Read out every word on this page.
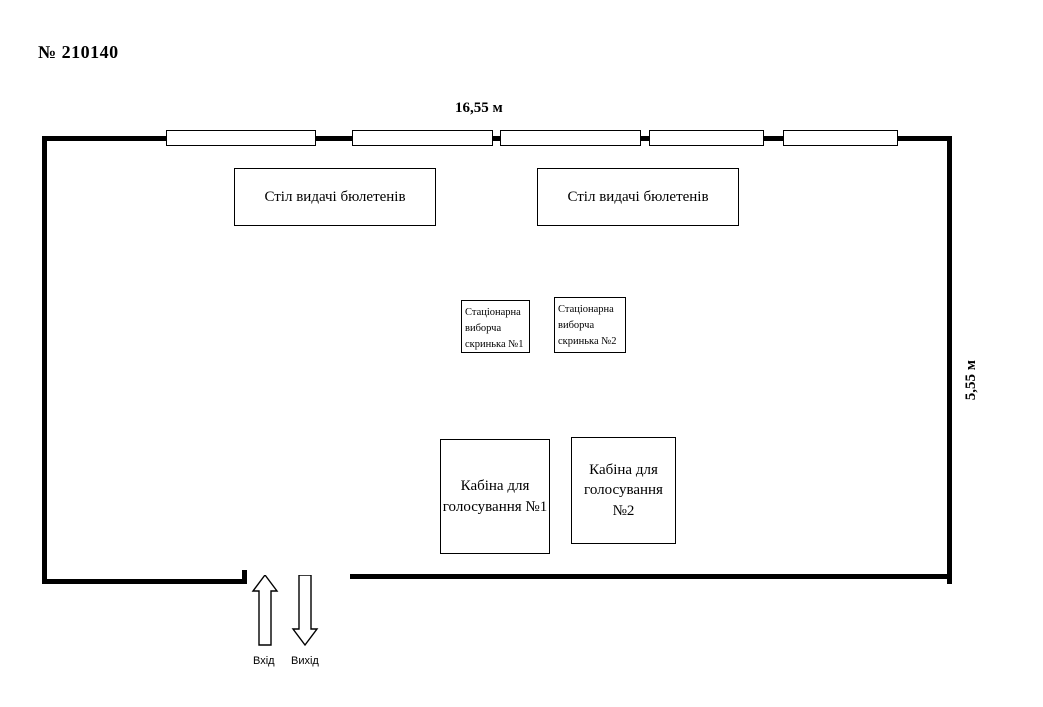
№ 210140
16,55 м
5,55 м
Стіл видачі бюлетенів	Стіл видачі бюлетенів
Стаціонарна виборча скринька №1
Стаціонарна виборча скринька №2
Кабіна для голосування №1
Кабіна для голосування №2
Вхід Вихід
